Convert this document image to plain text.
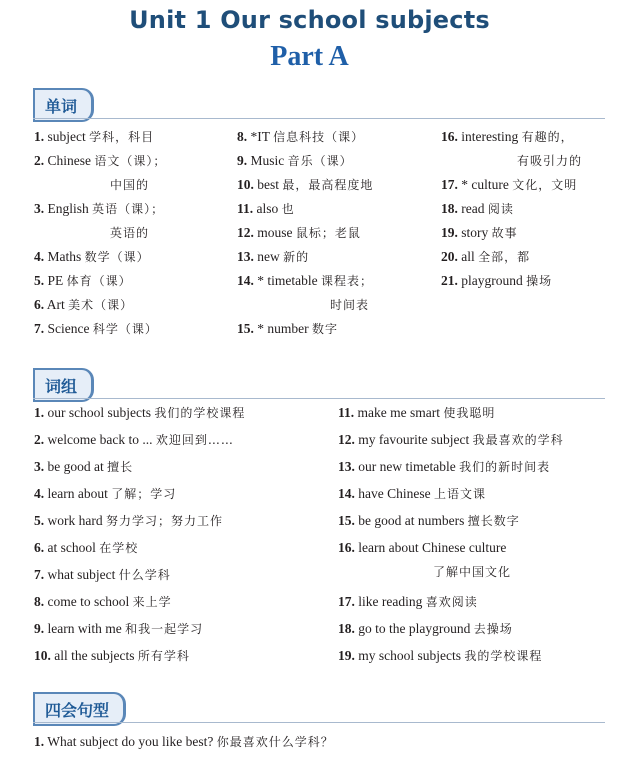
Unit 1 Our school subjects
Part A
单词
1. subject 学科，科目
2. Chinese 语文（课）；
中国的
3. English 英语（课）；
英语的
4. Maths 数学（课）
5. PE 体育（课）
6. Art 美术（课）
7. Science 科学（课）
8. *IT 信息科技（课）
9. Music 音乐（课）
10. best 最，最高程度地
11. also 也
12. mouse 鼠标；老鼠
13. new 新的
14. * timetable 课程表；
时间表
15. * number 数字
16. interesting 有趣的，
有吸引力的
17. * culture 文化，文明
18. read 阅读
19. story 故事
20. all 全部，都
21. playground 操场
词组
1. our school subjects 我们的学校课程
2. welcome back to ... 欢迎回到……
3. be good at 擅长
4. learn about 了解；学习
5. work hard 努力学习；努力工作
6. at school 在学校
7. what subject 什么学科
8. come to school 来上学
9. learn with me 和我一起学习
10. all the subjects 所有学科
11. make me smart 使我聪明
12. my favourite subject 我最喜欢的学科
13. our new timetable 我们的新时间表
14. have Chinese 上语文课
15. be good at numbers 擅长数字
16. learn about Chinese culture
了解中国文化
17. like reading 喜欢阅读
18. go to the playground 去操场
19. my school subjects 我的学校课程
四会句型
1. What subject do you like best? 你最喜欢什么学科？
